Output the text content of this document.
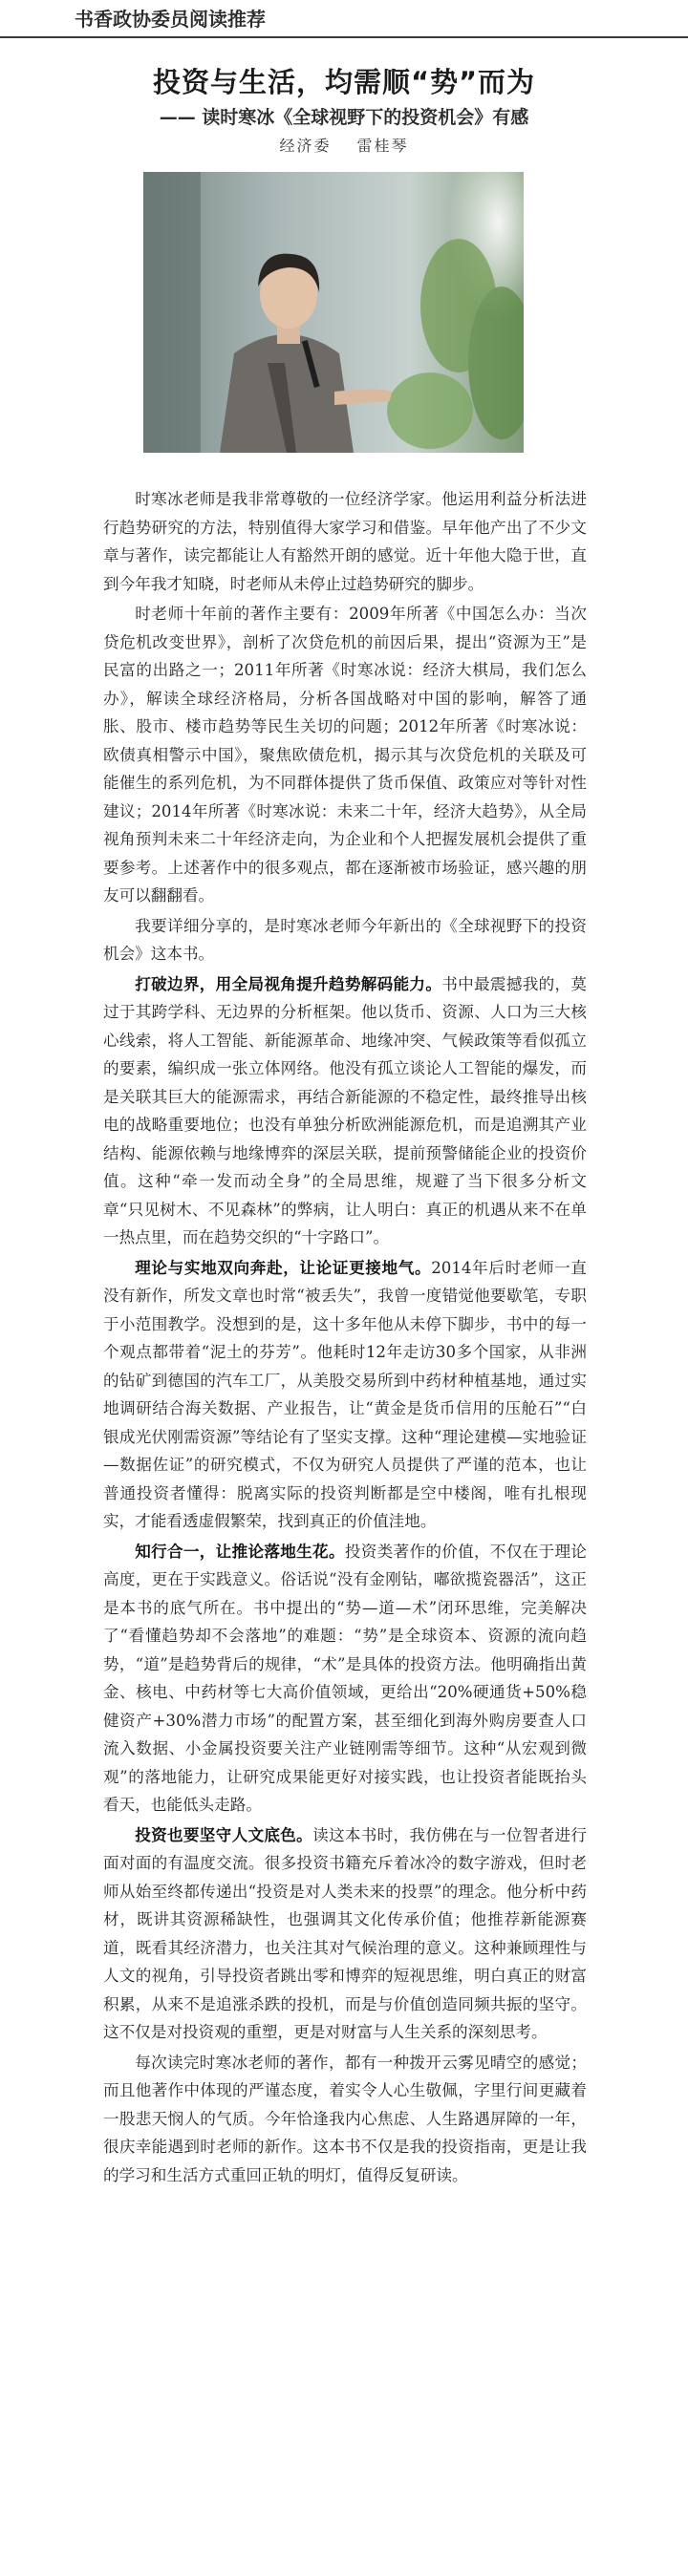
书香政协委员阅读推荐
投资与生活，均需顺“势”而为
—— 读时寒冰《全球视野下的投资机会》有感
经济委 雷桂琴

时寒冰老师是我非常尊敬的一位经济学家。他运用利益分析法进行趋势研究的方法，特别值得大家学习和借鉴。早年他产出了不少文章与著作，读完都能让人有豁然开朗的感觉。近十年他大隐于世，直到今年我才知晓，时老师从未停止过趋势研究的脚步。

时老师十年前的著作主要有：2009年所著《中国怎么办：当次贷危机改变世界》，剖析了次贷危机的前因后果，提出“资源为王”是民富的出路之一；2011年所著《时寒冰说：经济大棋局，我们怎么办》，解读全球经济格局，分析各国战略对中国的影响，解答了通胀、股市、楼市趋势等民生关切的问题；2012年所著《时寒冰说：欧债真相警示中国》，聚焦欧债危机，揭示其与次贷危机的关联及可能催生的系列危机，为不同群体提供了货币保值、政策应对等针对性建议；2014年所著《时寒冰说：未来二十年，经济大趋势》，从全局视角预判未来二十年经济走向，为企业和个人把握发展机会提供了重要参考。上述著作中的很多观点，都在逐渐被市场验证，感兴趣的朋友可以翻翻看。

我要详细分享的，是时寒冰老师今年新出的《全球视野下的投资机会》这本书。

打破边界，用全局视角提升趋势解码能力。书中最震撼我的，莫过于其跨学科、无边界的分析框架。他以货币、资源、人口为三大核心线索，将人工智能、新能源革命、地缘冲突、气候政策等看似孤立的要素，编织成一张立体网络。他没有孤立谈论人工智能的爆发，而是关联其巨大的能源需求，再结合新能源的不稳定性，最终推导出核电的战略重要地位；也没有单独分析欧洲能源危机，而是追溯其产业结构、能源依赖与地缘博弈的深层关联，提前预警储能企业的投资价值。这种“牵一发而动全身”的全局思维，规避了当下很多分析文章“只见树木、不见森林”的弊病，让人明白：真正的机遇从来不在单一热点里，而在趋势交织的“十字路口”。

理论与实地双向奔赴，让论证更接地气。2014年后时老师一直没有新作，所发文章也时常“被丢失”，我曾一度错觉他要歇笔，专职于小范围教学。没想到的是，这十多年他从未停下脚步，书中的每一个观点都带着“泥土的芬芳”。他耗时12年走访30多个国家，从非洲的钻矿到德国的汽车工厂，从美股交易所到中药材种植基地，通过实地调研结合海关数据、产业报告，让“黄金是货币信用的压舱石”“白银成光伏刚需资源”等结论有了坚实支撑。这种“理论建模—实地验证—数据佐证”的研究模式，不仅为研究人员提供了严谨的范本，也让普通投资者懂得：脱离实际的投资判断都是空中楼阁，唯有扎根现实，才能看透虚假繁荣，找到真正的价值洼地。

知行合一，让推论落地生花。投资类著作的价值，不仅在于理论高度，更在于实践意义。俗话说“没有金刚钻，嘟欲揽瓷器活”，这正是本书的底气所在。书中提出的“势—道—术”闭环思维，完美解决了“看懂趋势却不会落地”的难题：“势”是全球资本、资源的流向趋势，“道”是趋势背后的规律，“术”是具体的投资方法。他明确指出黄金、核电、中药材等七大高价值领域，更给出“20%硬通货+50%稳健资产+30%潜力市场”的配置方案，甚至细化到海外购房要查人口流入数据、小金属投资要关注产业链刚需等细节。这种“从宏观到微观”的落地能力，让研究成果能更好对接实践，也让投资者能既抬头看天，也能低头走路。

投资也要坚守人文底色。读这本书时，我仿佛在与一位智者进行面对面的有温度交流。很多投资书籍充斥着冰冷的数字游戏，但时老师从始至终都传递出“投资是对人类未来的投票”的理念。他分析中药材，既讲其资源稀缺性，也强调其文化传承价值；他推荐新能源赛道，既看其经济潜力，也关注其对气候治理的意义。这种兼顾理性与人文的视角，引导投资者跳出零和博弈的短视思维，明白真正的财富积累，从来不是追涨杀跌的投机，而是与价值创造同频共振的坚守。这不仅是对投资观的重塑，更是对财富与人生关系的深刻思考。

每次读完时寒冰老师的著作，都有一种拨开云雾见晴空的感觉；而且他著作中体现的严谨态度，着实令人心生敬佩，字里行间更藏着一股悲天悯人的气质。今年恰逢我内心焦虑、人生路遇屏障的一年，很庆幸能遇到时老师的新作。这本书不仅是我的投资指南，更是让我的学习和生活方式重回正轨的明灯，值得反复研读。
